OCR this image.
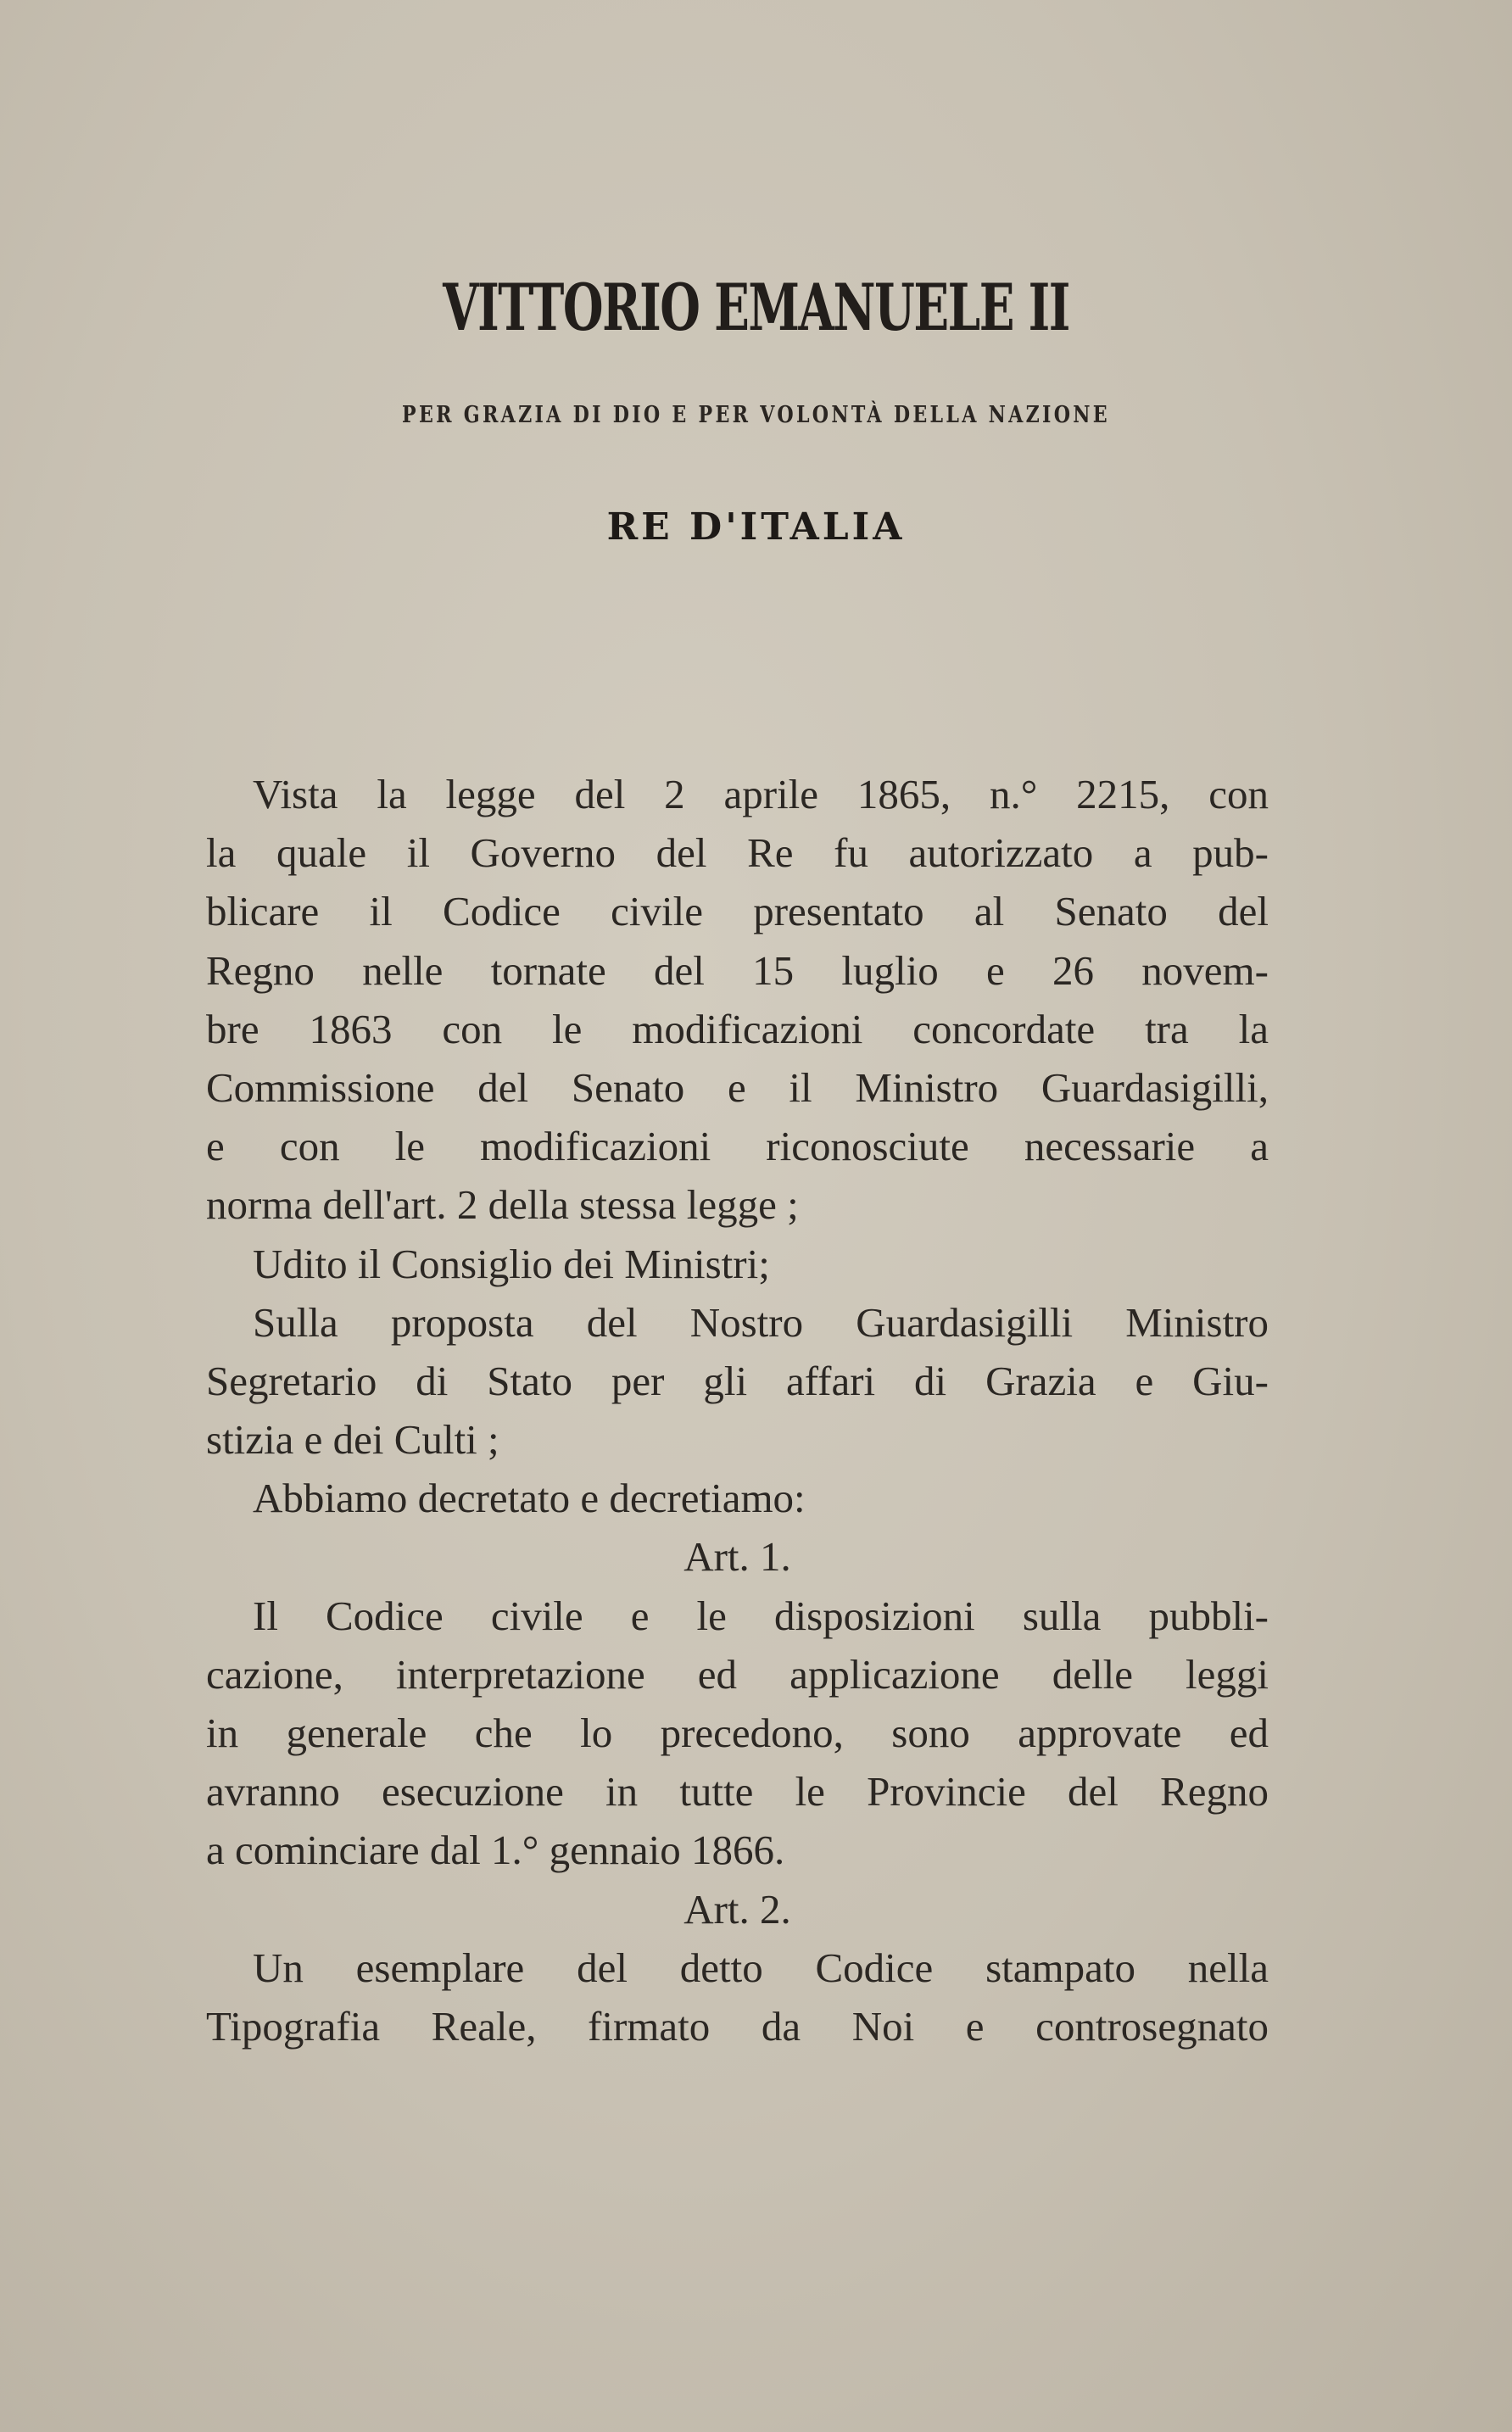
VITTORIO EMANUELE II
PER GRAZIA DI DIO E PER VOLONTÀ DELLA NAZIONE
RE D'ITALIA
Vista la legge del 2 aprile 1865, n.° 2215, con
la quale il Governo del Re fu autorizzato a pub-
blicare il Codice civile presentato al Senato del
Regno nelle tornate del 15 luglio e 26 novem-
bre 1863 con le modificazioni concordate tra la
Commissione del Senato e il Ministro Guardasigilli,
e con le modificazioni riconosciute necessarie a
norma dell'art. 2 della stessa legge ;
Udito il Consiglio dei Ministri;
Sulla proposta del Nostro Guardasigilli Ministro
Segretario di Stato per gli affari di Grazia e Giu-
stizia e dei Culti ;
Abbiamo decretato e decretiamo:
Art. 1.
Il Codice civile e le disposizioni sulla pubbli-
cazione, interpretazione ed applicazione delle leggi
in generale che lo precedono, sono approvate ed
avranno esecuzione in tutte le Provincie del Regno
a cominciare dal 1.° gennaio 1866.
Art. 2.
Un esemplare del detto Codice stampato nella
Tipografia Reale, firmato da Noi e controsegnato
